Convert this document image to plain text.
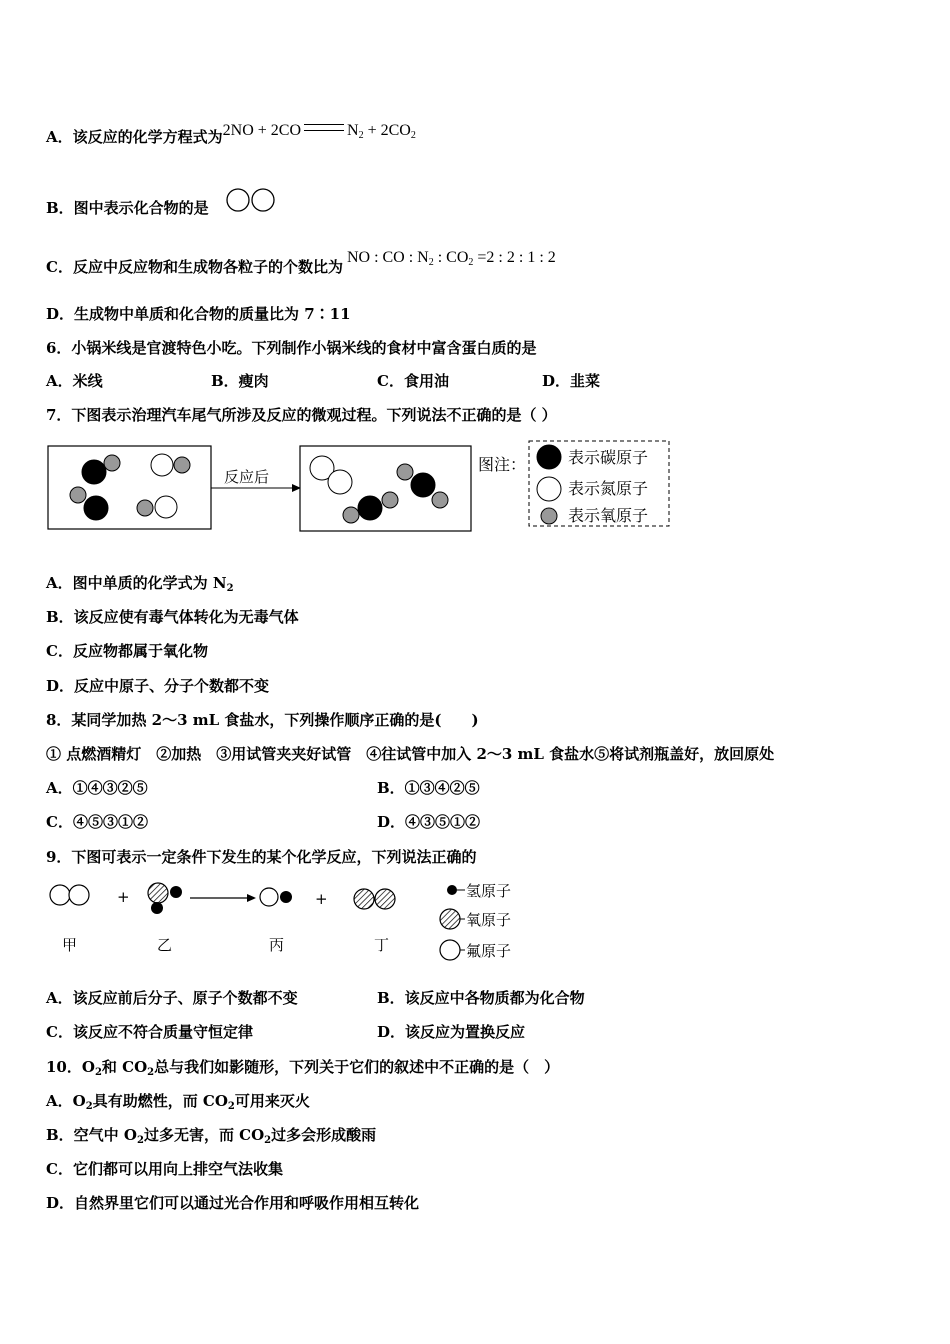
A．该反应的化学方程式为2NO + 2CO	$N_2 + 2CO_2$
B．图中表示化合物的是
C．反应中反应物和生成物各粒子的个数比为NO : CO : $N_2$ : $CO_2 =2$ : 2 : 1 : 2
D．生成物中单质和化合物的质量比为 7∶11
6．小锅米线是官渡特色小吃。下列制作小锅米线的食材中富含蛋白质的是
A．米线	B．瘦肉	C．食用油	D．韭菜
7．下图表示治理汽车尾气所涉及反应的微观过程。下列说法不正确的是（ ）
反应后
图注：	表示碳原子
表示氮原子
表示氧原子
A．图中单质的化学式为 $N_2$
B．该反应使有毒气体转化为无毒气体
C．反应物都属于氧化物
D．反应中原子、分子个数都不变
8．某同学加热 2～3 mL 食盐水，下列操作顺序正确的是(　　)
① 点燃酒精灯　②加热　③用试管夹夹好试管　④往试管中加入 2～3 mL 食盐水⑤将试剂瓶盖好，放回原处
A．①④③②⑤	B．①③④②⑤
C．④⑤③①②	D．④③⑤①②
9．下图可表示一定条件下发生的某个化学反应，下列说法正确的
+	+
甲	乙	丙	丁
氢原子
氧原子
氟原子
A．该反应前后分子、原子个数都不变	B．该反应中各物质都为化合物
C．该反应不符合质量守恒定律	D．该反应为置换反应
10．$O_2$和 $CO_2$总与我们如影随形，下列关于它们的叙述中不正确的是（　）
A．$O_2$具有助燃性，而 $CO_2$可用来灭火
B．空气中 $O_2$过多无害，而 $CO_2$过多会形成酸雨
C．它们都可以用向上排空气法收集
D．自然界里它们可以通过光合作用和呼吸作用相互转化
